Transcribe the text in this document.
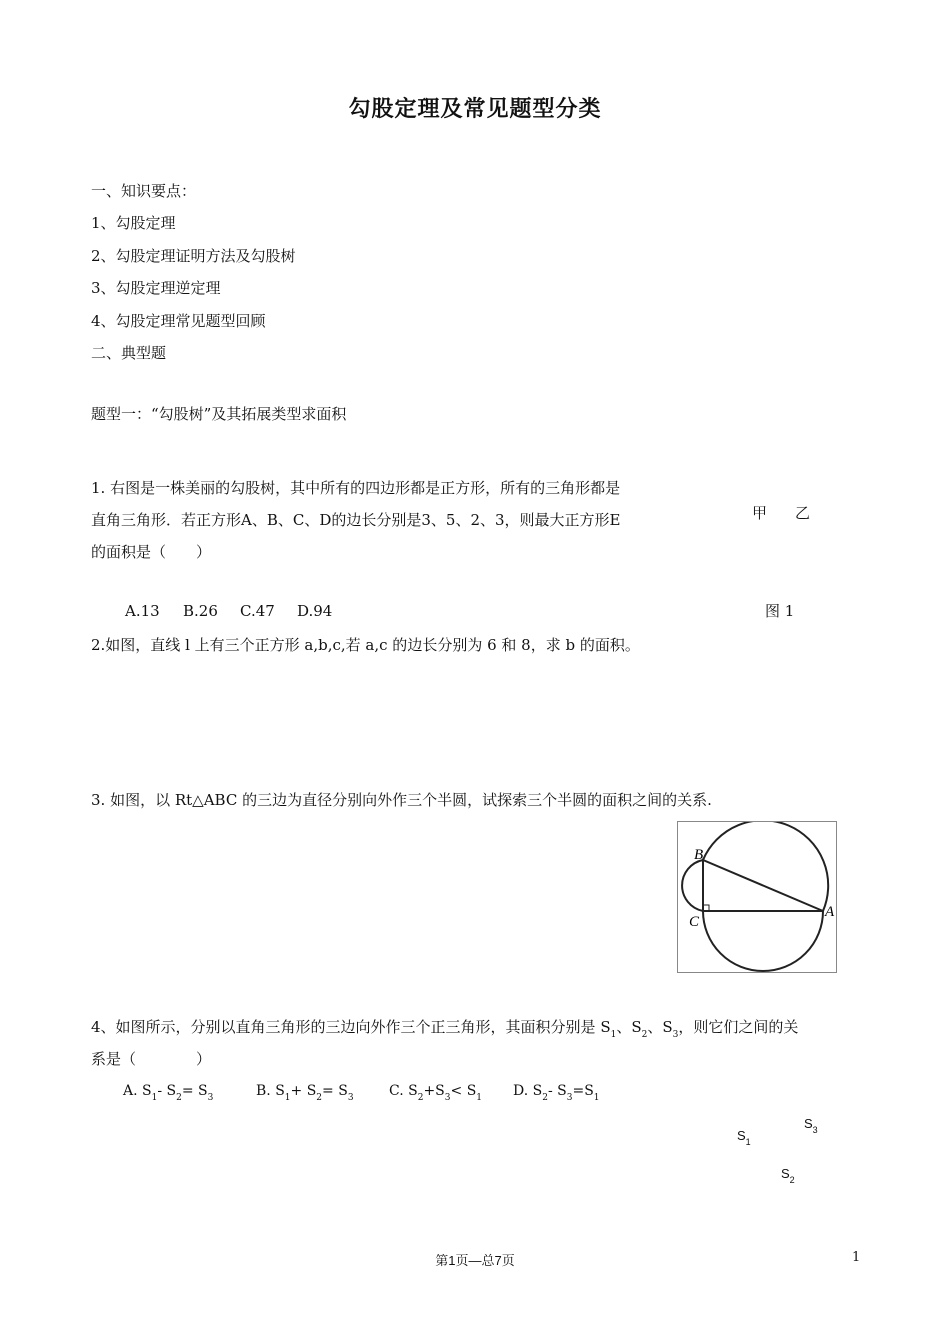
勾股定理及常见题型分类
一、知识要点：
1、勾股定理
2、勾股定理证明方法及勾股树
3、勾股定理逆定理
4、勾股定理常见题型回顾
二、典型题
题型一：“勾股树”及其拓展类型求面积
1. 右图是一株美丽的勾股树，其中所有的四边形都是正方形，所有的三角形都是
直角三角形．若正方形A、B、C、D的边长分别是3、5、2、3，则最大正方形E
的面积是（　　）
甲 乙
A.13 B.26 C.47 D.94	图 1
2.如图，直线 l 上有三个正方形 a,b,c,若 a,c 的边长分别为 6 和 8，求 b 的面积。
3. 如图，以 Rt△ABC 的三边为直径分别向外作三个半圆，试探索三个半圆的面积之间的关系.
B
C
A
4、如图所示，分别以直角三角形的三边向外作三个正三角形，其面积分别是 $S_1$、$S_2$、$S_3$，则它们之间的关
系是（　　　　）
A. $S_1-$ $S_2= S_3$	B. $S_1+ S_2= S_3$	C. $S_2+S_3< S_1$ D. $S_2-$ $S_3=S_1$
$S_1$
$S_3$
$S_2$
第1页—总7页	1
